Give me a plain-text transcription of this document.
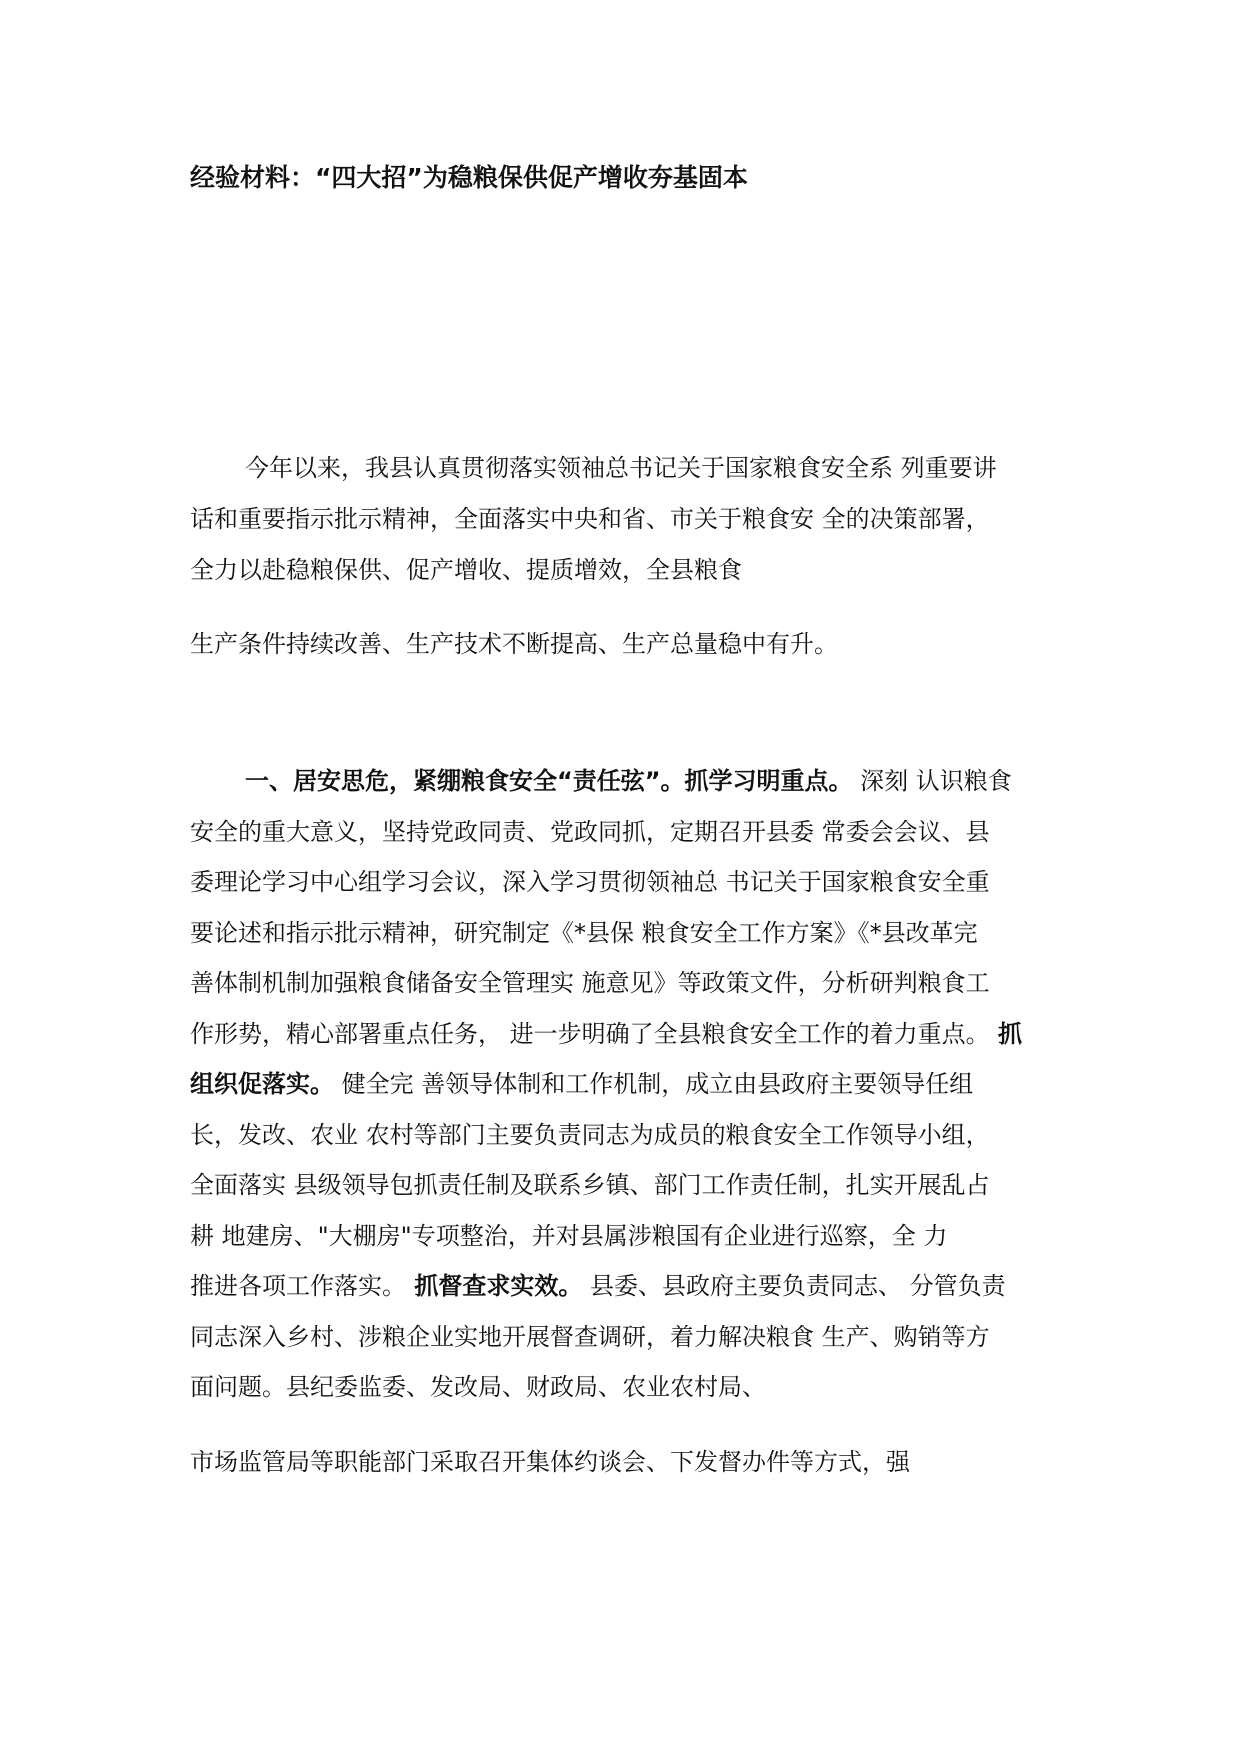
经验材料：“四大招”为稳粮保供促产增收夯基固本
今年以来，我县认真贯彻落实领袖总书记关于国家粮食安全系 列重要讲
话和重要指示批示精神，全面落实中央和省、市关于粮食安 全的决策部署，
全力以赴稳粮保供、促产增收、提质增效，全县粮食
生产条件持续改善、生产技术不断提高、生产总量稳中有升。
一、居安思危，紧绷粮食安全“责任弦”。抓学习明重点。 深刻 认识粮食
安全的重大意义，坚持党政同责、党政同抓，定期召开县委 常委会会议、县
委理论学习中心组学习会议，深入学习贯彻领袖总 书记关于国家粮食安全重
要论述和指示批示精神，研究制定《*县保 粮食安全工作方案》《*县改革完
善体制机制加强粮食储备安全管理实 施意见》等政策文件，分析研判粮食工
作形势，精心部署重点任务， 进一步明确了全县粮食安全工作的着力重点。 抓
组织促落实。 健全完 善领导体制和工作机制，成立由县政府主要领导任组
长，发改、农业 农村等部门主要负责同志为成员的粮食安全工作领导小组，
全面落实 县级领导包抓责任制及联系乡镇、部门工作责任制，扎实开展乱占
耕 地建房、"大棚房"专项整治，并对县属涉粮国有企业进行巡察，全 力
推进各项工作落实。 抓督查求实效。 县委、县政府主要负责同志、 分管负责
同志深入乡村、涉粮企业实地开展督查调研，着力解决粮食 生产、购销等方
面问题。县纪委监委、发改局、财政局、农业农村局、
市场监管局等职能部门采取召开集体约谈会、下发督办件等方式，强
